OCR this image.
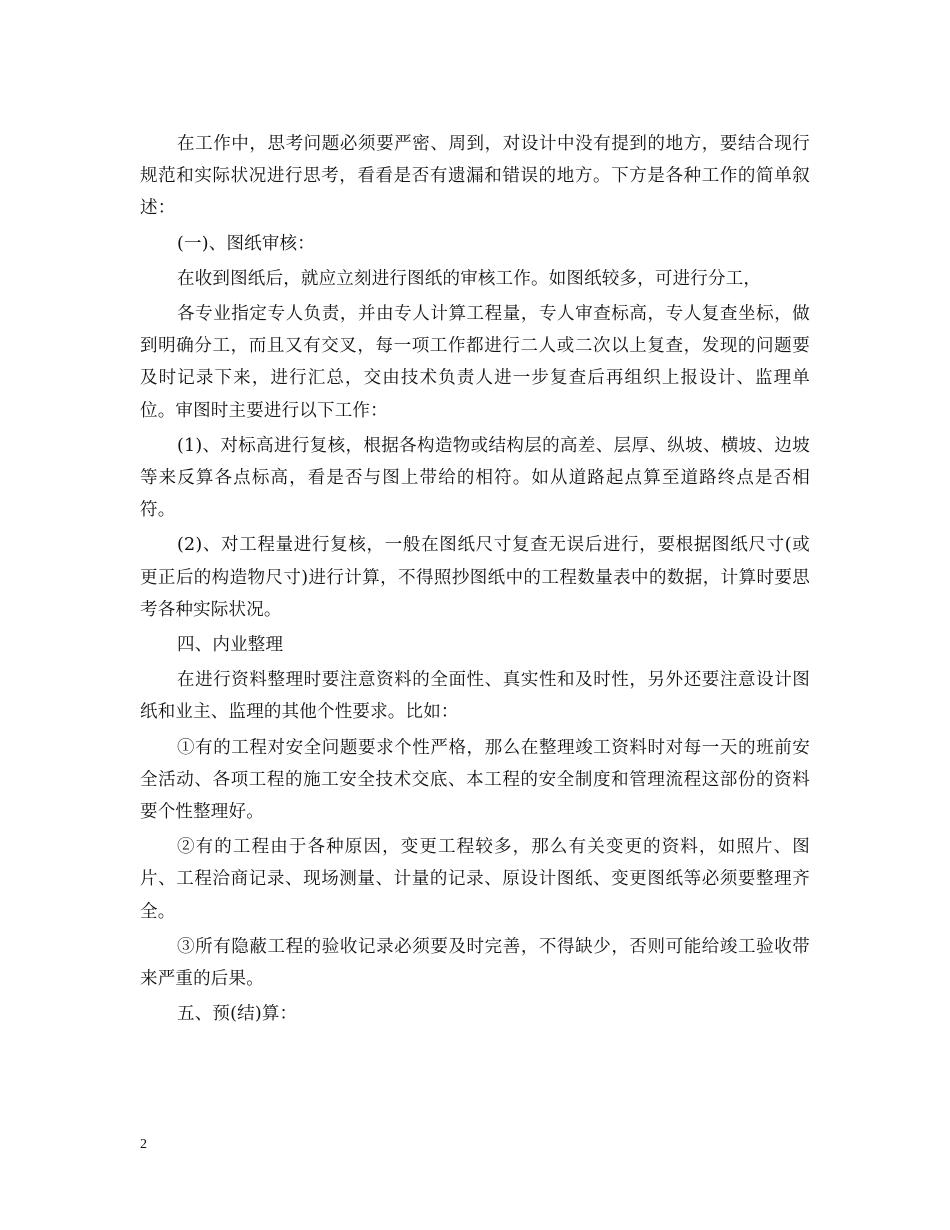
在工作中，思考问题必须要严密、周到，对设计中没有提到的地方，要结合现行规范和实际状况进行思考，看看是否有遗漏和错误的地方。下方是各种工作的简单叙述：

(一)、图纸审核：

在收到图纸后，就应立刻进行图纸的审核工作。如图纸较多，可进行分工，

各专业指定专人负责，并由专人计算工程量，专人审查标高，专人复查坐标，做到明确分工，而且又有交叉，每一项工作都进行二人或二次以上复查，发现的问题要及时记录下来，进行汇总，交由技术负责人进一步复查后再组织上报设计、监理单位。审图时主要进行以下工作：

(1)、对标高进行复核，根据各构造物或结构层的高差、层厚、纵坡、横坡、边坡等来反算各点标高，看是否与图上带给的相符。如从道路起点算至道路终点是否相符。

(2)、对工程量进行复核，一般在图纸尺寸复查无误后进行，要根据图纸尺寸(或更正后的构造物尺寸)进行计算，不得照抄图纸中的工程数量表中的数据，计算时要思考各种实际状况。

四、内业整理

在进行资料整理时要注意资料的全面性、真实性和及时性，另外还要注意设计图纸和业主、监理的其他个性要求。比如：

①有的工程对安全问题要求个性严格，那么在整理竣工资料时对每一天的班前安全活动、各项工程的施工安全技术交底、本工程的安全制度和管理流程这部份的资料要个性整理好。

②有的工程由于各种原因，变更工程较多，那么有关变更的资料，如照片、图片、工程洽商记录、现场测量、计量的记录、原设计图纸、变更图纸等必须要整理齐全。

③所有隐蔽工程的验收记录必须要及时完善，不得缺少，否则可能给竣工验收带来严重的后果。

五、预(结)算：

2
